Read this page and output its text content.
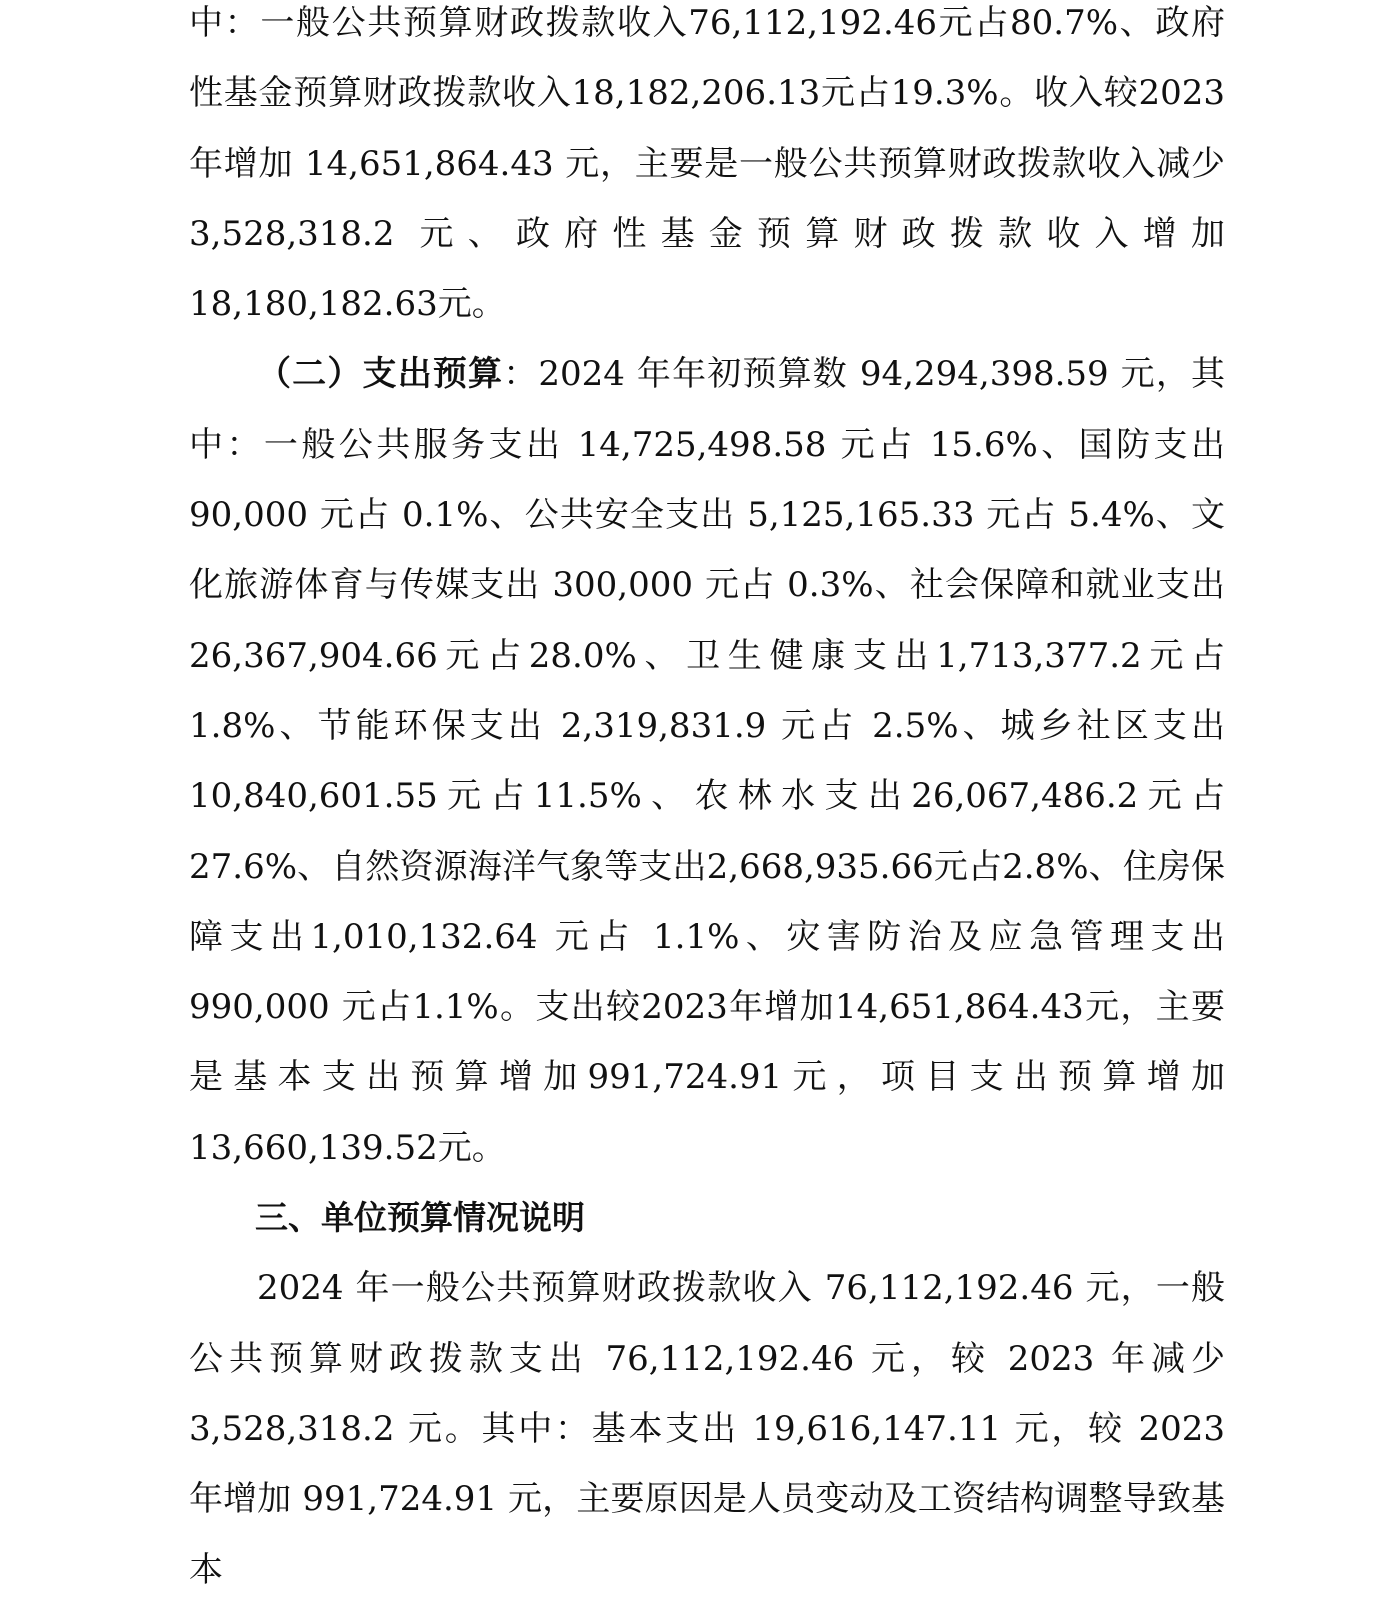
中：一般公共预算财政拨款收入76,112,192.46元占80.7%、政府性基金预算财政拨款收入18,182,206.13元占19.3%。收入较2023年增加 14,651,864.43 元，主要是一般公共预算财政拨款收入减少 3,528,318.2 元、政府性基金预算财政拨款收入增加18,180,182.63元。

（二）支出预算：2024 年年初预算数 94,294,398.59 元，其中：一般公共服务支出 14,725,498.58 元占 15.6%、国防支出90,000 元占 0.1%、公共安全支出 5,125,165.33 元占 5.4%、文化旅游体育与传媒支出 300,000 元占 0.3%、社会保障和就业支出26,367,904.66元占28.0%、卫生健康支出1,713,377.2元占1.8%、节能环保支出 2,319,831.9 元占 2.5%、城乡社区支出10,840,601.55元占11.5%、农林水支出26,067,486.2元占27.6%、自然资源海洋气象等支出2,668,935.66元占2.8%、住房保障支出1,010,132.64 元占 1.1%、灾害防治及应急管理支出 990,000 元占1.1%。支出较2023年增加14,651,864.43元，主要是基本支出预算增加991,724.91元，项目支出预算增加13,660,139.52元。

三、单位预算情况说明

2024 年一般公共预算财政拨款收入 76,112,192.46 元，一般公共预算财政拨款支出 76,112,192.46 元，较 2023 年减少3,528,318.2 元。其中：基本支出 19,616,147.11 元，较 2023 年增加 991,724.91 元，主要原因是人员变动及工资结构调整导致基本
